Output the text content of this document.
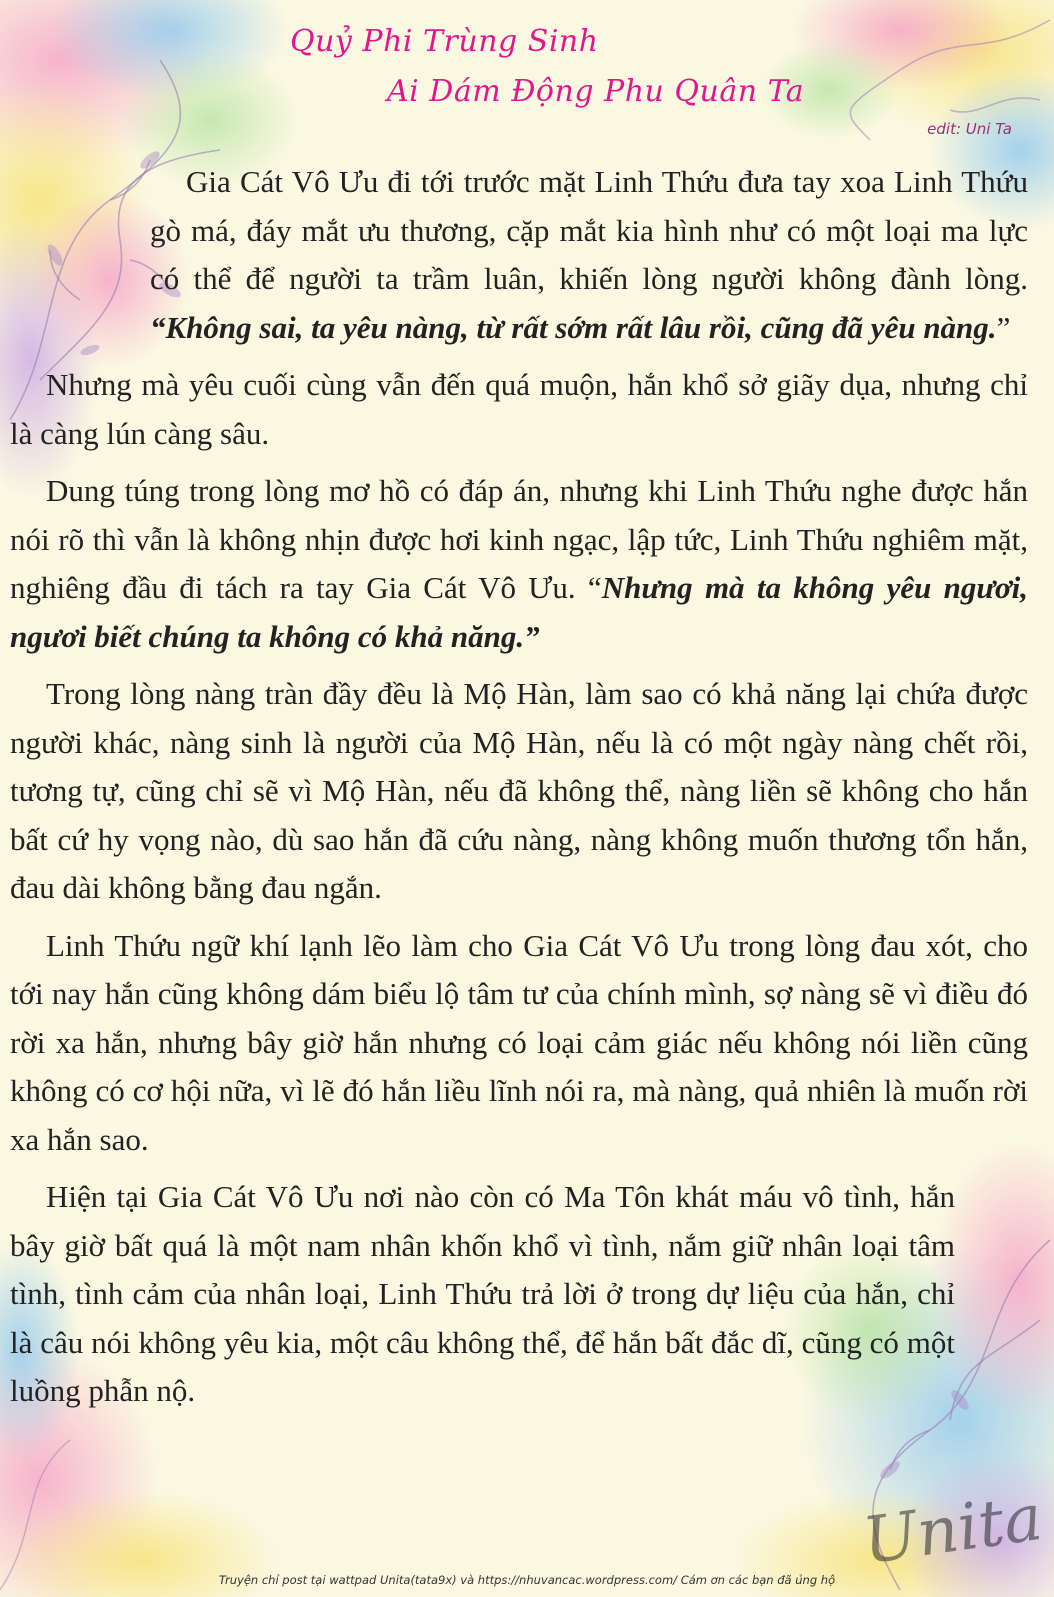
Quỷ Phi Trùng Sinh
Ai Dám Động Phu Quân Ta
edit: Uni Ta

Gia Cát Vô Ưu đi tới trước mặt Linh Thứu đưa tay xoa Linh Thứu gò má, đáy mắt ưu thương, cặp mắt kia hình như có một loại ma lực có thể để người ta trầm luân, khiến lòng người không đành lòng. “Không sai, ta yêu nàng, từ rất sớm rất lâu rồi, cũng đã yêu nàng.”

Nhưng mà yêu cuối cùng vẫn đến quá muộn, hắn khổ sở giãy dụa, nhưng chỉ là càng lún càng sâu.

Dung túng trong lòng mơ hồ có đáp án, nhưng khi Linh Thứu nghe được hắn nói rõ thì vẫn là không nhịn được hơi kinh ngạc, lập tức, Linh Thứu nghiêm mặt, nghiêng đầu đi tách ra tay Gia Cát Vô Ưu. “Nhưng mà ta không yêu ngươi, ngươi biết chúng ta không có khả năng.”

Trong lòng nàng tràn đầy đều là Mộ Hàn, làm sao có khả năng lại chứa được người khác, nàng sinh là người của Mộ Hàn, nếu là có một ngày nàng chết rồi, tương tự, cũng chỉ sẽ vì Mộ Hàn, nếu đã không thể, nàng liền sẽ không cho hắn bất cứ hy vọng nào, dù sao hắn đã cứu nàng, nàng không muốn thương tổn hắn, đau dài không bằng đau ngắn.

Linh Thứu ngữ khí lạnh lẽo làm cho Gia Cát Vô Ưu trong lòng đau xót, cho tới nay hắn cũng không dám biểu lộ tâm tư của chính mình, sợ nàng sẽ vì điều đó rời xa hắn, nhưng bây giờ hắn nhưng có loại cảm giác nếu không nói liền cũng không có cơ hội nữa, vì lẽ đó hắn liều lĩnh nói ra, mà nàng, quả nhiên là muốn rời xa hắn sao.

Hiện tại Gia Cát Vô Ưu nơi nào còn có Ma Tôn khát máu vô tình, hắn bây giờ bất quá là một nam nhân khốn khổ vì tình, nắm giữ nhân loại tâm tình, tình cảm của nhân loại, Linh Thứu trả lời ở trong dự liệu của hắn, chỉ là câu nói không yêu kia, một câu không thể, để hắn bất đắc dĩ, cũng có một luồng phẫn nộ.

Unita
Truyện chỉ post tại wattpad Unita(tata9x) và https://nhuvancac.wordpress.com/ Cám ơn các bạn đã ủng hộ
